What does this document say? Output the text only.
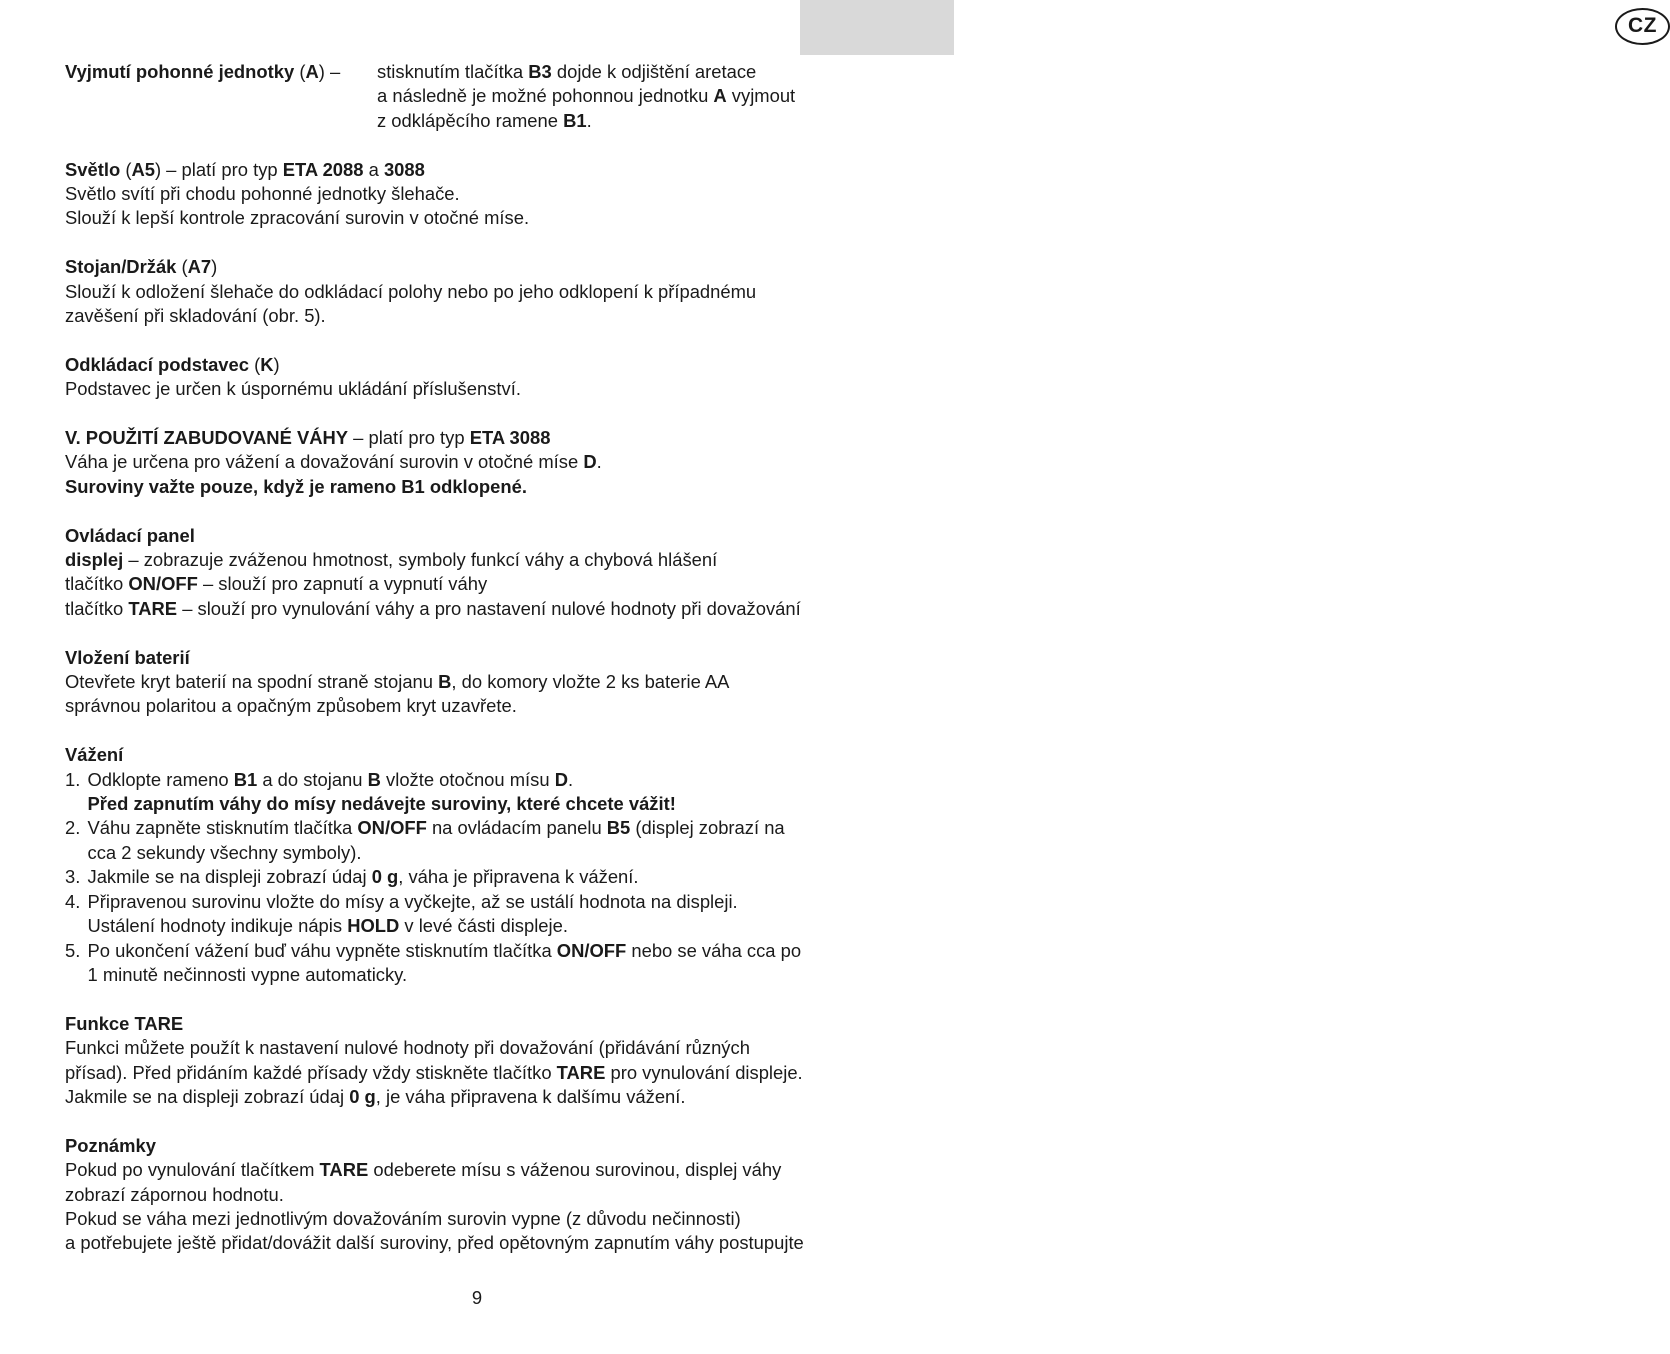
CZ
Vyjmutí pohonné jednotky (A) –	stisknutím tlačítka B3 dojde k odjištění aretace
a následně je možné pohonnou jednotku A vyjmout
z odklápěcího ramene B1.
Světlo (A5) – platí pro typ ETA 2088 a 3088
Světlo svítí při chodu pohonné jednotky šlehače.
Slouží k lepší kontrole zpracování surovin v otočné míse.
Stojan/Držák (A7)
Slouží k odložení šlehače do odkládací polohy nebo po jeho odklopení k případnému
zavěšení při skladování (obr. 5).
Odkládací podstavec (K)
Podstavec je určen k úspornému ukládání příslušenství.
V. POUŽITÍ ZABUDOVANÉ VÁHY – platí pro typ ETA 3088
Váha je určena pro vážení a dovažování surovin v otočné míse D.
Suroviny važte pouze, když je rameno B1 odklopené.
Ovládací panel
displej – zobrazuje zváženou hmotnost, symboly funkcí váhy a chybová hlášení
tlačítko ON/OFF – slouží pro zapnutí a vypnutí váhy
tlačítko TARE – slouží pro vynulování váhy a pro nastavení nulové hodnoty při dovažování
Vložení baterií
Otevřete kryt baterií na spodní straně stojanu B, do komory vložte 2 ks baterie AA
správnou polaritou a opačným způsobem kryt uzavřete.
Vážení
1. Odklopte rameno B1 a do stojanu B vložte otočnou mísu D.
Před zapnutím váhy do mísy nedávejte suroviny, které chcete vážit!
2. Váhu zapněte stisknutím tlačítka ON/OFF na ovládacím panelu B5 (displej zobrazí na
cca 2 sekundy všechny symboly).
3. Jakmile se na displeji zobrazí údaj 0 g, váha je připravena k vážení.
4. Připravenou surovinu vložte do mísy a vyčkejte, až se ustálí hodnota na displeji.
Ustálení hodnoty indikuje nápis HOLD v levé části displeje.
5. Po ukončení vážení buď váhu vypněte stisknutím tlačítka ON/OFF nebo se váha cca po
1 minutě nečinnosti vypne automaticky.
Funkce TARE
Funkci můžete použít k nastavení nulové hodnoty při dovažování (přidávání různých
přísad). Před přidáním každé přísady vždy stiskněte tlačítko TARE pro vynulování displeje.
Jakmile se na displeji zobrazí údaj 0 g, je váha připravena k dalšímu vážení.
Poznámky
Pokud po vynulování tlačítkem TARE odeberete mísu s váženou surovinou, displej váhy
zobrazí zápornou hodnotu.
Pokud se váha mezi jednotlivým dovažováním surovin vypne (z důvodu nečinnosti)
a potřebujete ještě přidat/dovážit další suroviny, před opětovným zapnutím váhy postupujte
9
